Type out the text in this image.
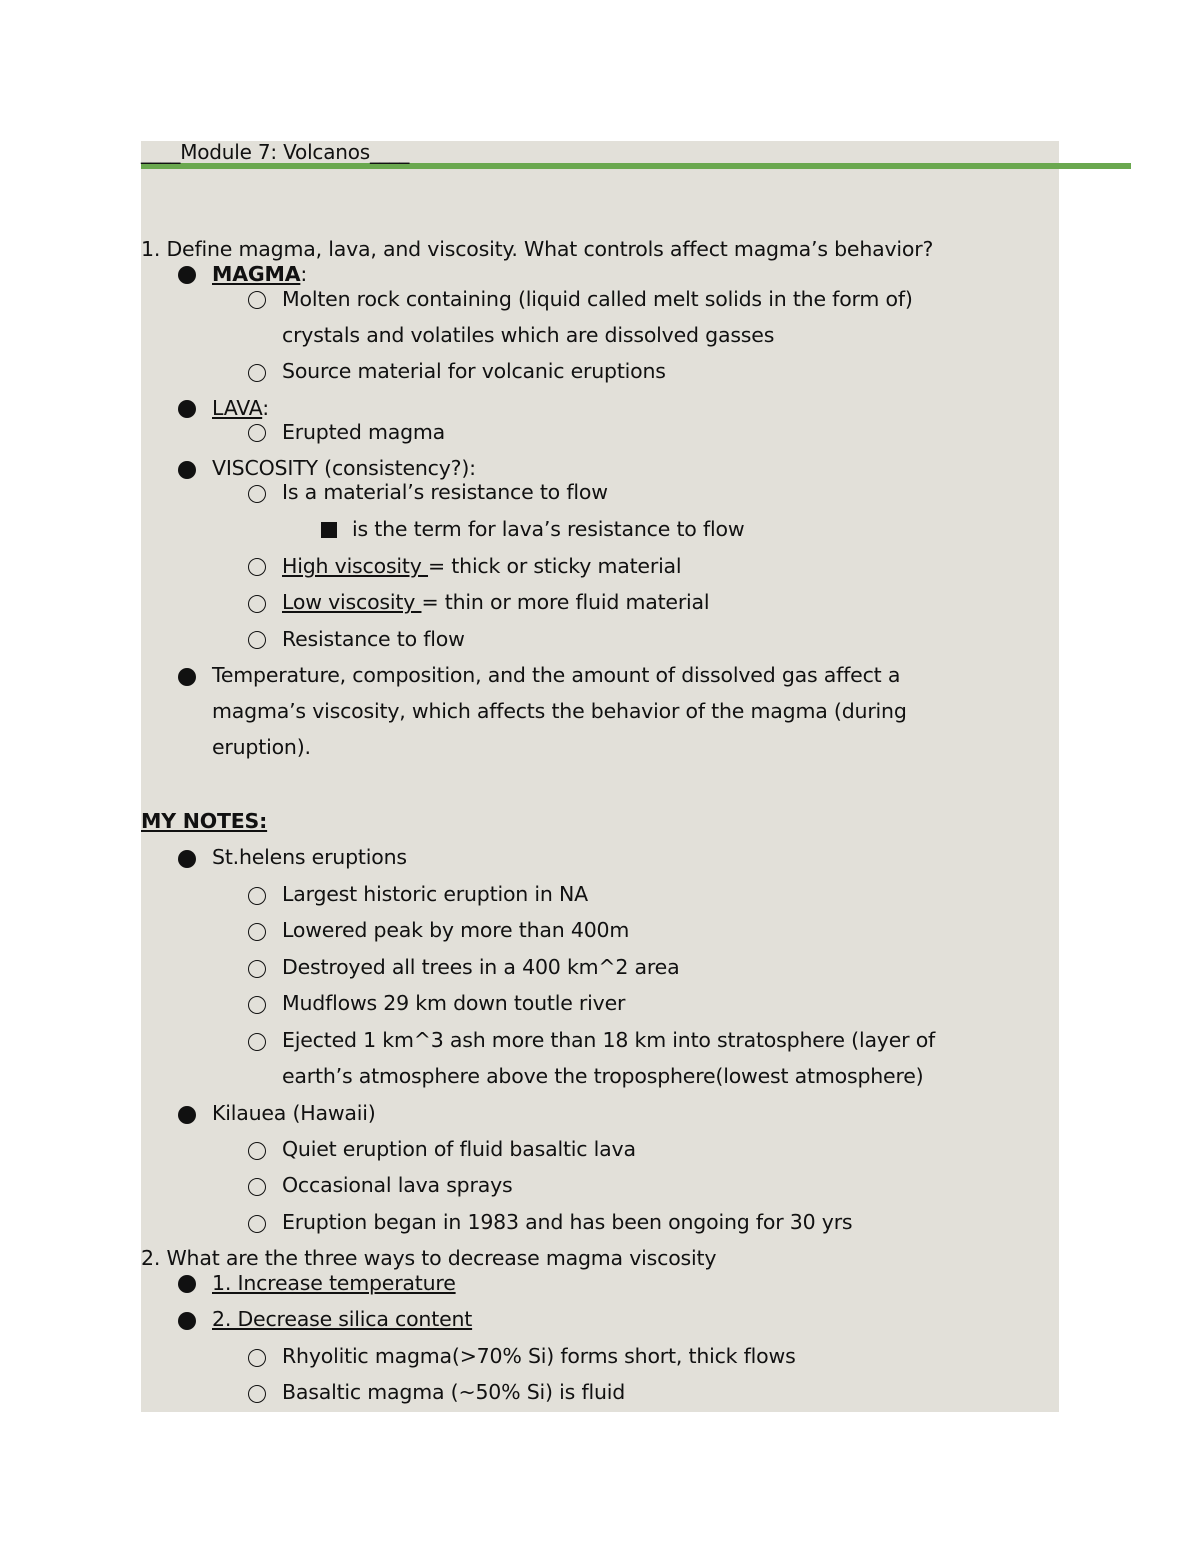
____Module 7: Volcanos____
1. Define magma, lava, and viscosity. What controls affect magma’s behavior?
MAGMA:
Molten rock containing (liquid called melt solids in the form of)
crystals and volatiles which are dissolved gasses
Source material for volcanic eruptions
LAVA:
Erupted magma
VISCOSITY (consistency?):
Is a material’s resistance to flow
is the term for lava’s resistance to flow
High viscosity = thick or sticky material
Low viscosity = thin or more fluid material
Resistance to flow
Temperature, composition, and the amount of dissolved gas affect a
magma’s viscosity, which affects the behavior of the magma (during
eruption).
MY NOTES:
St.helens eruptions
Largest historic eruption in NA
Lowered peak by more than 400m
Destroyed all trees in a 400 km^2 area
Mudflows 29 km down toutle river
Ejected 1 km^3 ash more than 18 km into stratosphere (layer of
earth’s atmosphere above the troposphere(lowest atmosphere)
Kilauea (Hawaii)
Quiet eruption of fluid basaltic lava
Occasional lava sprays
Eruption began in 1983 and has been ongoing for 30 yrs
2. What are the three ways to decrease magma viscosity
1. Increase temperature
2. Decrease silica content
Rhyolitic magma(>70% Si) forms short, thick flows
Basaltic magma (~50% Si) is fluid
